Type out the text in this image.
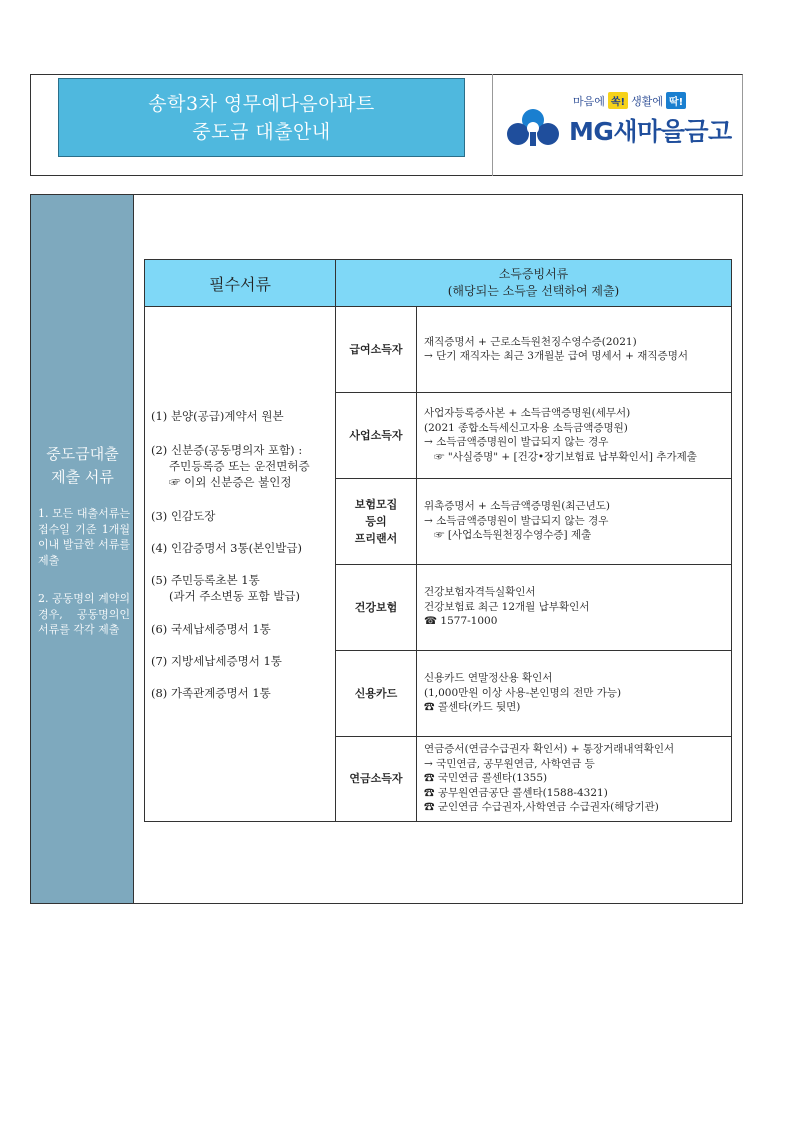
송학3차 영무예다음아파트
중도금 대출안내
마음에 쏙! 생활에 딱!
MG새마을금고
중도금대출
제출 서류
1. 모든 대출서류는 접수일 기준 1개월 이내 발급한 서류를 제출
2. 공동명의 계약의 경우, 공동명의인 서류를 각각 제출
필수서류
소득증빙서류
(해당되는 소득을 선택하여 제출)
(1) 분양(공급)계약서 원본
(2) 신분증(공동명의자 포함) :
주민등록증 또는 운전면허증
☞ 이외 신분증은 불인정
(3) 인감도장
(4) 인감증명서 3통(본인발급)
(5) 주민등록초본 1통
(과거 주소변동 포함 발급)
(6) 국세납세증명서 1통
(7) 지방세납세증명서 1통
(8) 가족관계증명서 1통
급여소득자
재직증명서 + 근로소득원천징수영수증(2021)
→ 단기 재직자는 최근 3개월분 급여 명세서 + 재직증명서
사업소득자
사업자등록증사본 + 소득금액증명원(세무서)
(2021 종합소득세신고자용 소득금액증명원)
→ 소득금액증명원이 발급되지 않는 경우
☞ "사실증명" + [건강•장기보험료 납부확인서] 추가제출
보험모집
등의
프리랜서
위촉증명서 + 소득금액증명원(최근년도)
→ 소득금액증명원이 발급되지 않는 경우
☞ [사업소득원천징수영수증] 제출
건강보험
건강보험자격득실확인서
건강보험료 최근 12개월 납부확인서
☎ 1577-1000
신용카드
신용카드 연말정산용 확인서
(1,000만원 이상 사용-본인명의 전만 가능)
☎ 콜센타(카드 뒷면)
연금소득자
연금증서(연금수급권자 확인서) + 통장거래내역확인서
→ 국민연금, 공무원연금, 사학연금 등
☎ 국민연금 콜센타(1355)
☎ 공무원연금공단 콜센타(1588-4321)
☎ 군인연금 수급권자,사학연금 수급권자(해당기관)
